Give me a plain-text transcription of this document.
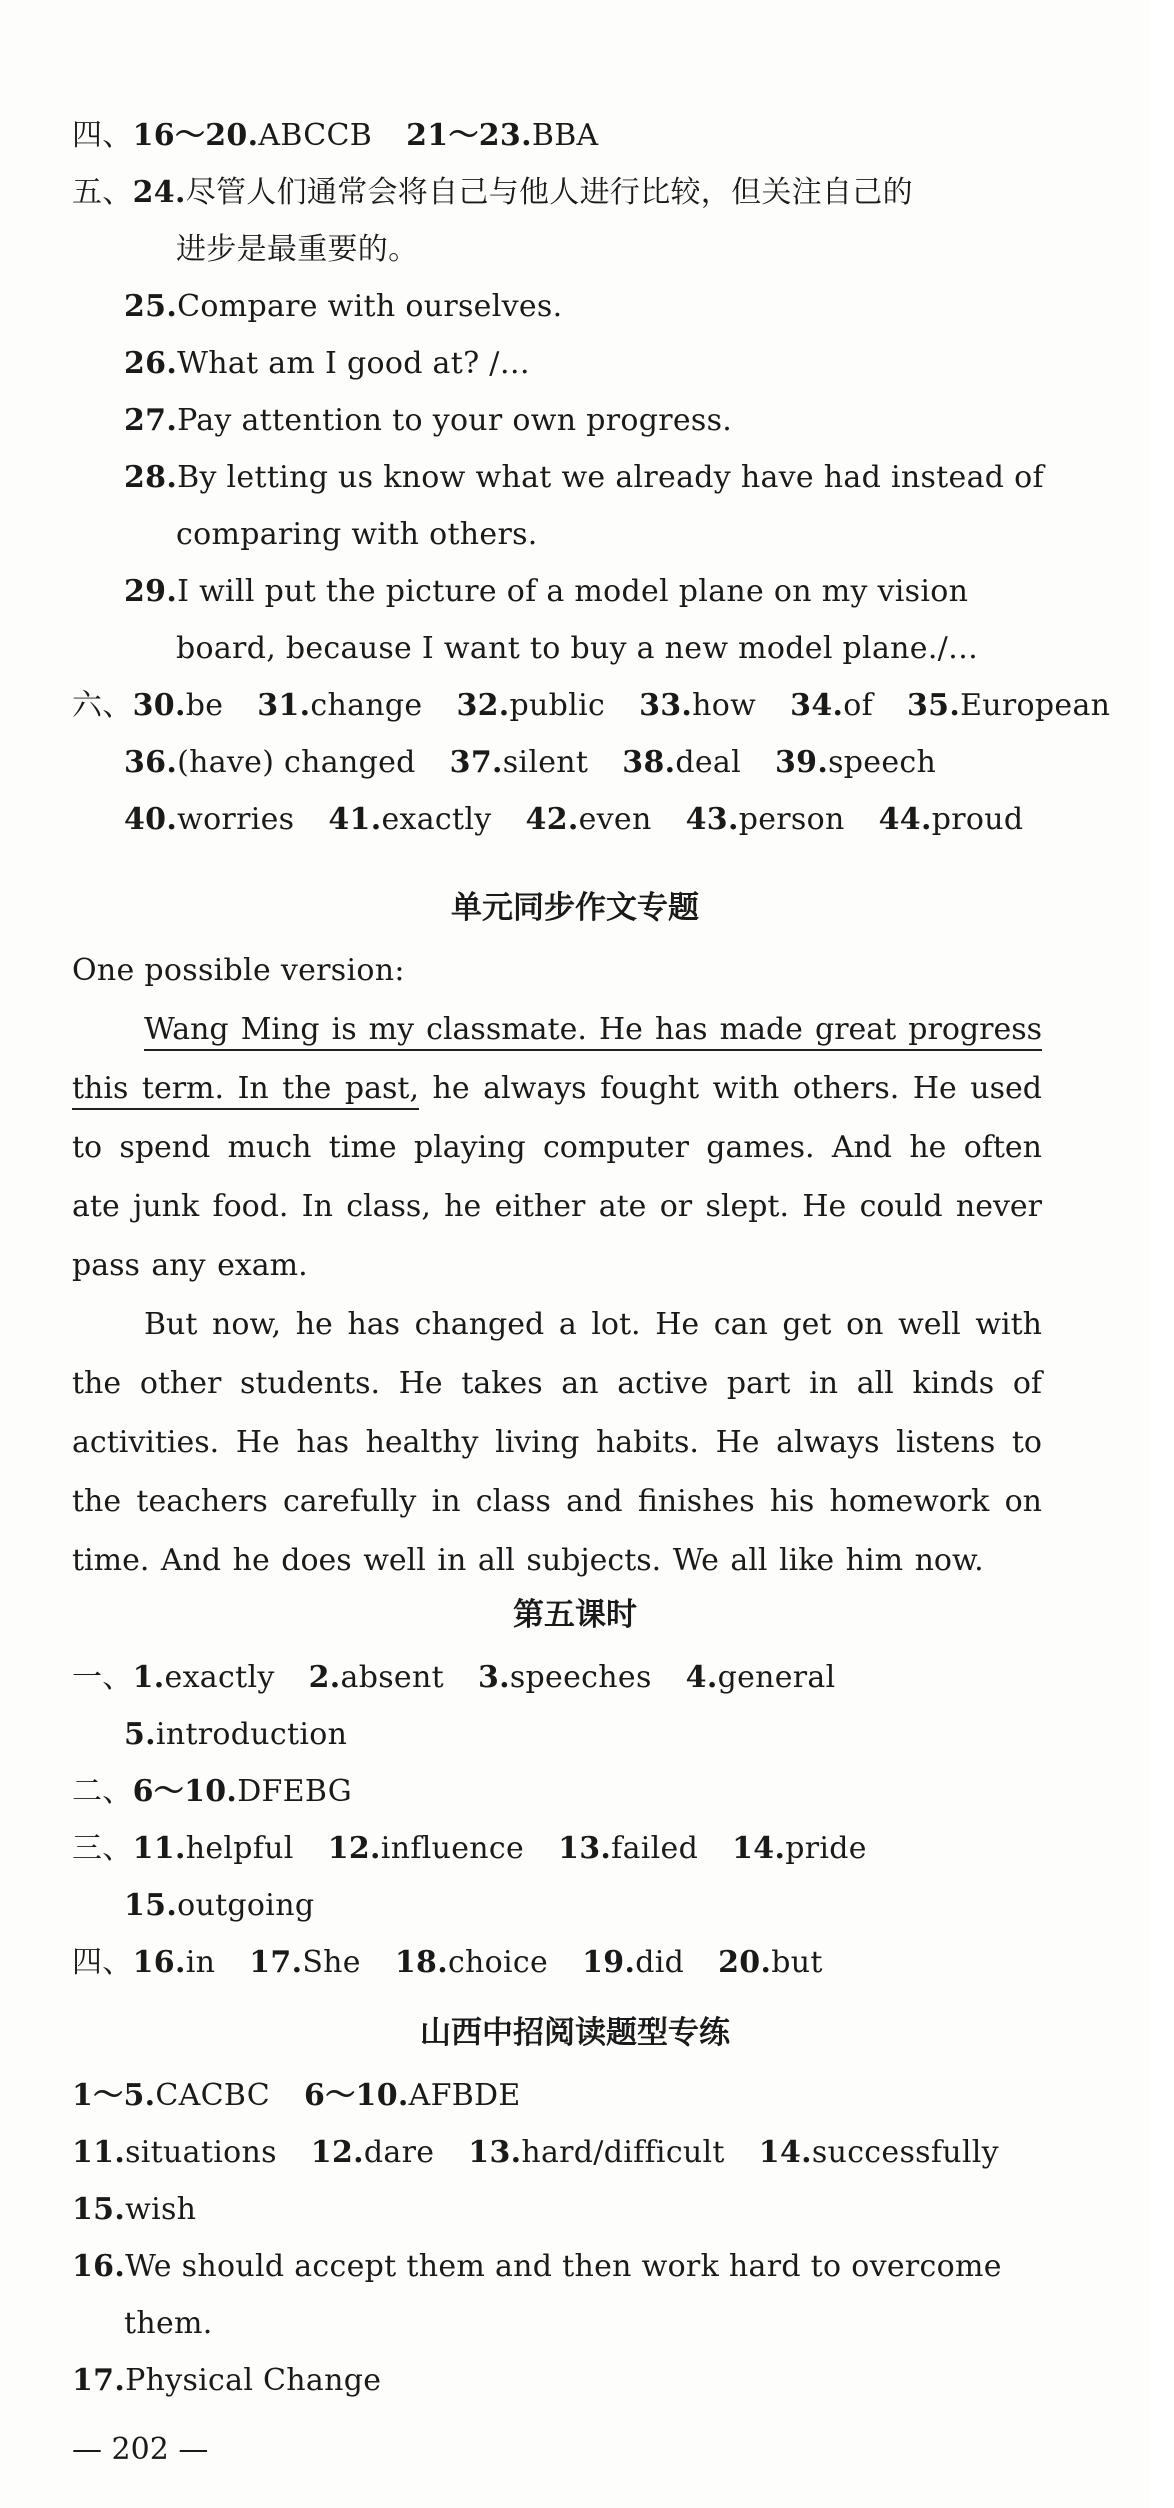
四、16～20.ABCCB 21～23.BBA
五、24.尽管人们通常会将自己与他人进行比较，但关注自己的
进步是最重要的。
25.Compare with ourselves.
26.What am I good at? /…
27.Pay attention to your own progress.
28.By letting us know what we already have had instead of
comparing with others.
29.I will put the picture of a model plane on my vision
board, because I want to buy a new model plane./…
六、30.be 31.change 32.public 33.how 34.of 35.European
36.(have) changed 37.silent 38.deal 39.speech
40.worries 41.exactly 42.even 43.person 44.proud
单元同步作文专题
One possible version:
Wang Ming is my classmate. He has made great progress this term. In the past, he always fought with others. He used to spend much time playing computer games. And he often ate junk food. In class, he either ate or slept. He could never pass any exam.
But now, he has changed a lot. He can get on well with the other students. He takes an active part in all kinds of activities. He has healthy living habits. He always listens to the teachers carefully in class and finishes his homework on time. And he does well in all subjects. We all like him now.
第五课时
一、1.exactly 2.absent 3.speeches 4.general
5.introduction
二、6～10.DFEBG
三、11.helpful 12.influence 13.failed 14.pride
15.outgoing
四、16.in 17.She 18.choice 19.did 20.but
山西中招阅读题型专练
1～5.CACBC 6～10.AFBDE
11.situations 12.dare 13.hard/difficult 14.successfully
15.wish
16.We should accept them and then work hard to overcome
them.
17.Physical Change
— 202 —
